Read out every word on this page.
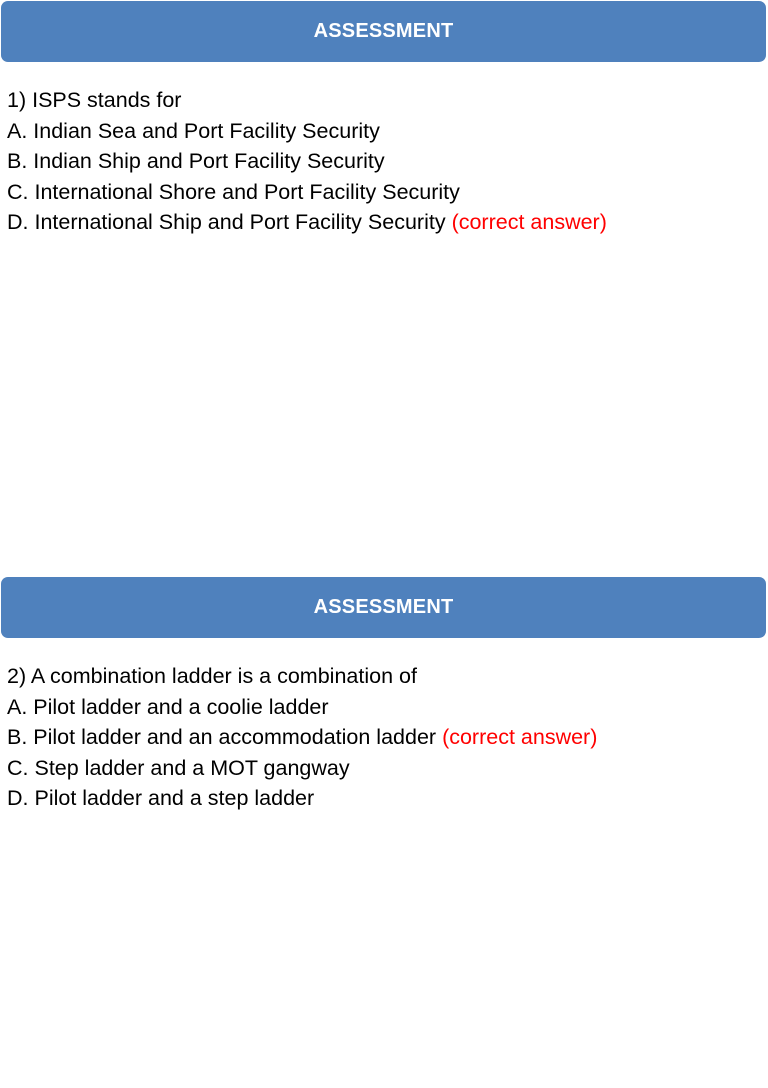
ASSESSMENT
1) ISPS stands for
A. Indian Sea and Port Facility Security
B. Indian Ship and Port Facility Security
C. International Shore and Port Facility Security
D. International Ship and Port Facility Security (correct answer)
ASSESSMENT
2) A combination ladder is a combination of
A. Pilot ladder and a coolie ladder
B. Pilot ladder and an accommodation ladder (correct answer)
C. Step ladder and a MOT gangway
D. Pilot ladder and a step ladder
